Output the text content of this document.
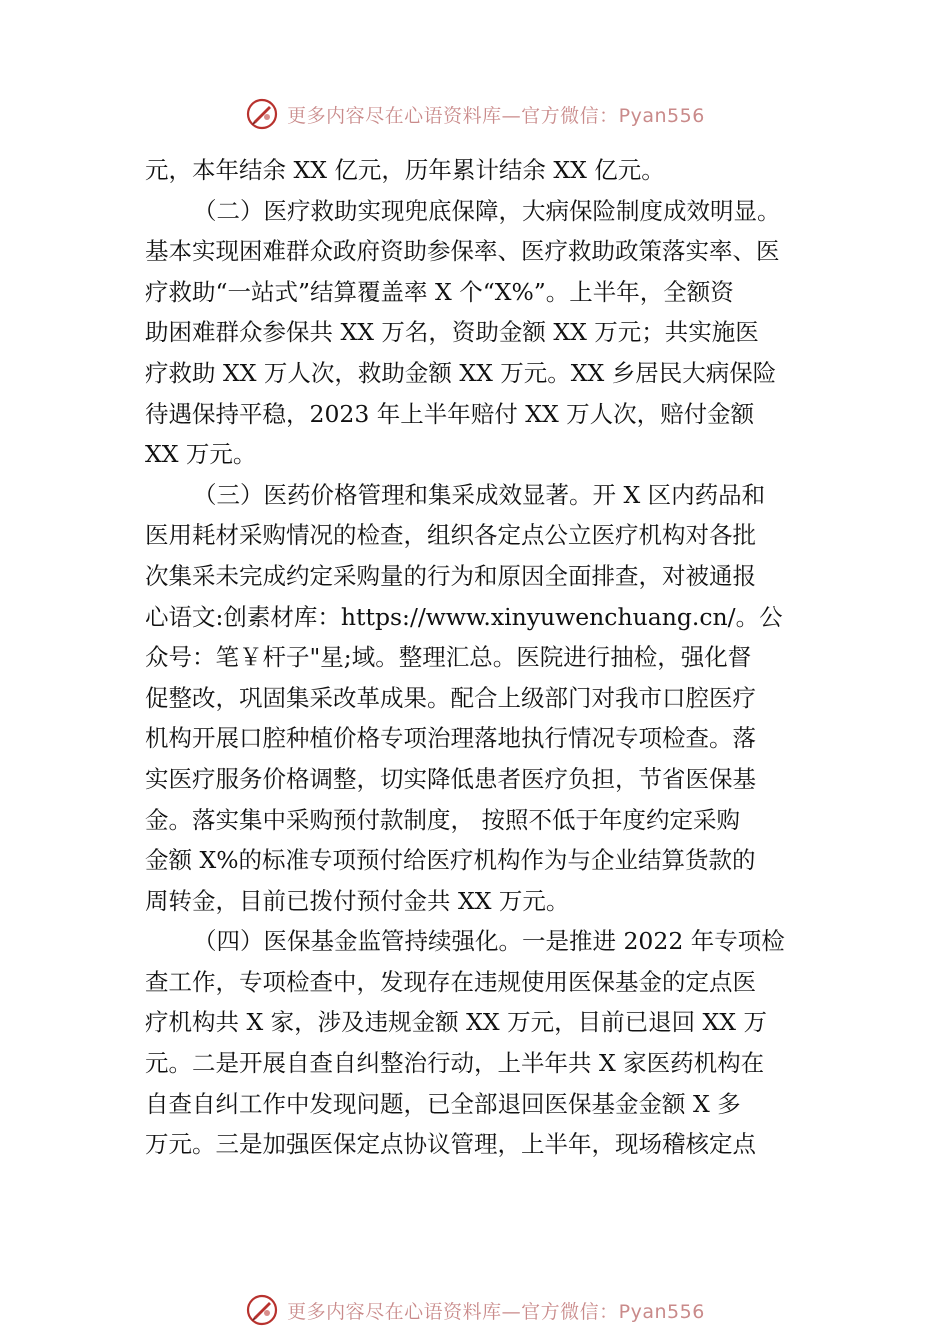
更多内容尽在心语资料库—官方微信：Pyan556
元，本年结余 XX 亿元，历年累计结余 XX 亿元。
（二）医疗救助实现兜底保障，大病保险制度成效明显。
基本实现困难群众政府资助参保率、医疗救助政策落实率、医
疗救助“一站式”结算覆盖率 X 个“X%”。上半年，全额资
助困难群众参保共 XX 万名，资助金额 XX 万元；共实施医
疗救助 XX 万人次，救助金额 XX 万元。XX 乡居民大病保险
待遇保持平稳，2023 年上半年赔付 XX 万人次，赔付金额
XX 万元。
（三）医药价格管理和集采成效显著。开 X 区内药品和
医用耗材采购情况的检查，组织各定点公立医疗机构对各批
次集采未完成约定采购量的行为和原因全面排查，对被通报
心语文:创素材库：https://www.xinyuwenchuang.cn/。公
众号：笔￥杆子"星;域。整理汇总。医院进行抽检，强化督
促整改，巩固集采改革成果。配合上级部门对我市口腔医疗
机构开展口腔种植价格专项治理落地执行情况专项检查。落
实医疗服务价格调整，切实降低患者医疗负担，节省医保基
金。落实集中采购预付款制度， 按照不低于年度约定采购
金额 X%的标准专项预付给医疗机构作为与企业结算货款的
周转金，目前已拨付预付金共 XX 万元。
（四）医保基金监管持续强化。一是推进 2022 年专项检
查工作，专项检查中，发现存在违规使用医保基金的定点医
疗机构共 X 家，涉及违规金额 XX 万元，目前已退回 XX 万
元。二是开展自查自纠整治行动，上半年共 X 家医药机构在
自查自纠工作中发现问题，已全部退回医保基金金额 X 多
万元。三是加强医保定点协议管理，上半年，现场稽核定点
更多内容尽在心语资料库—官方微信：Pyan556
